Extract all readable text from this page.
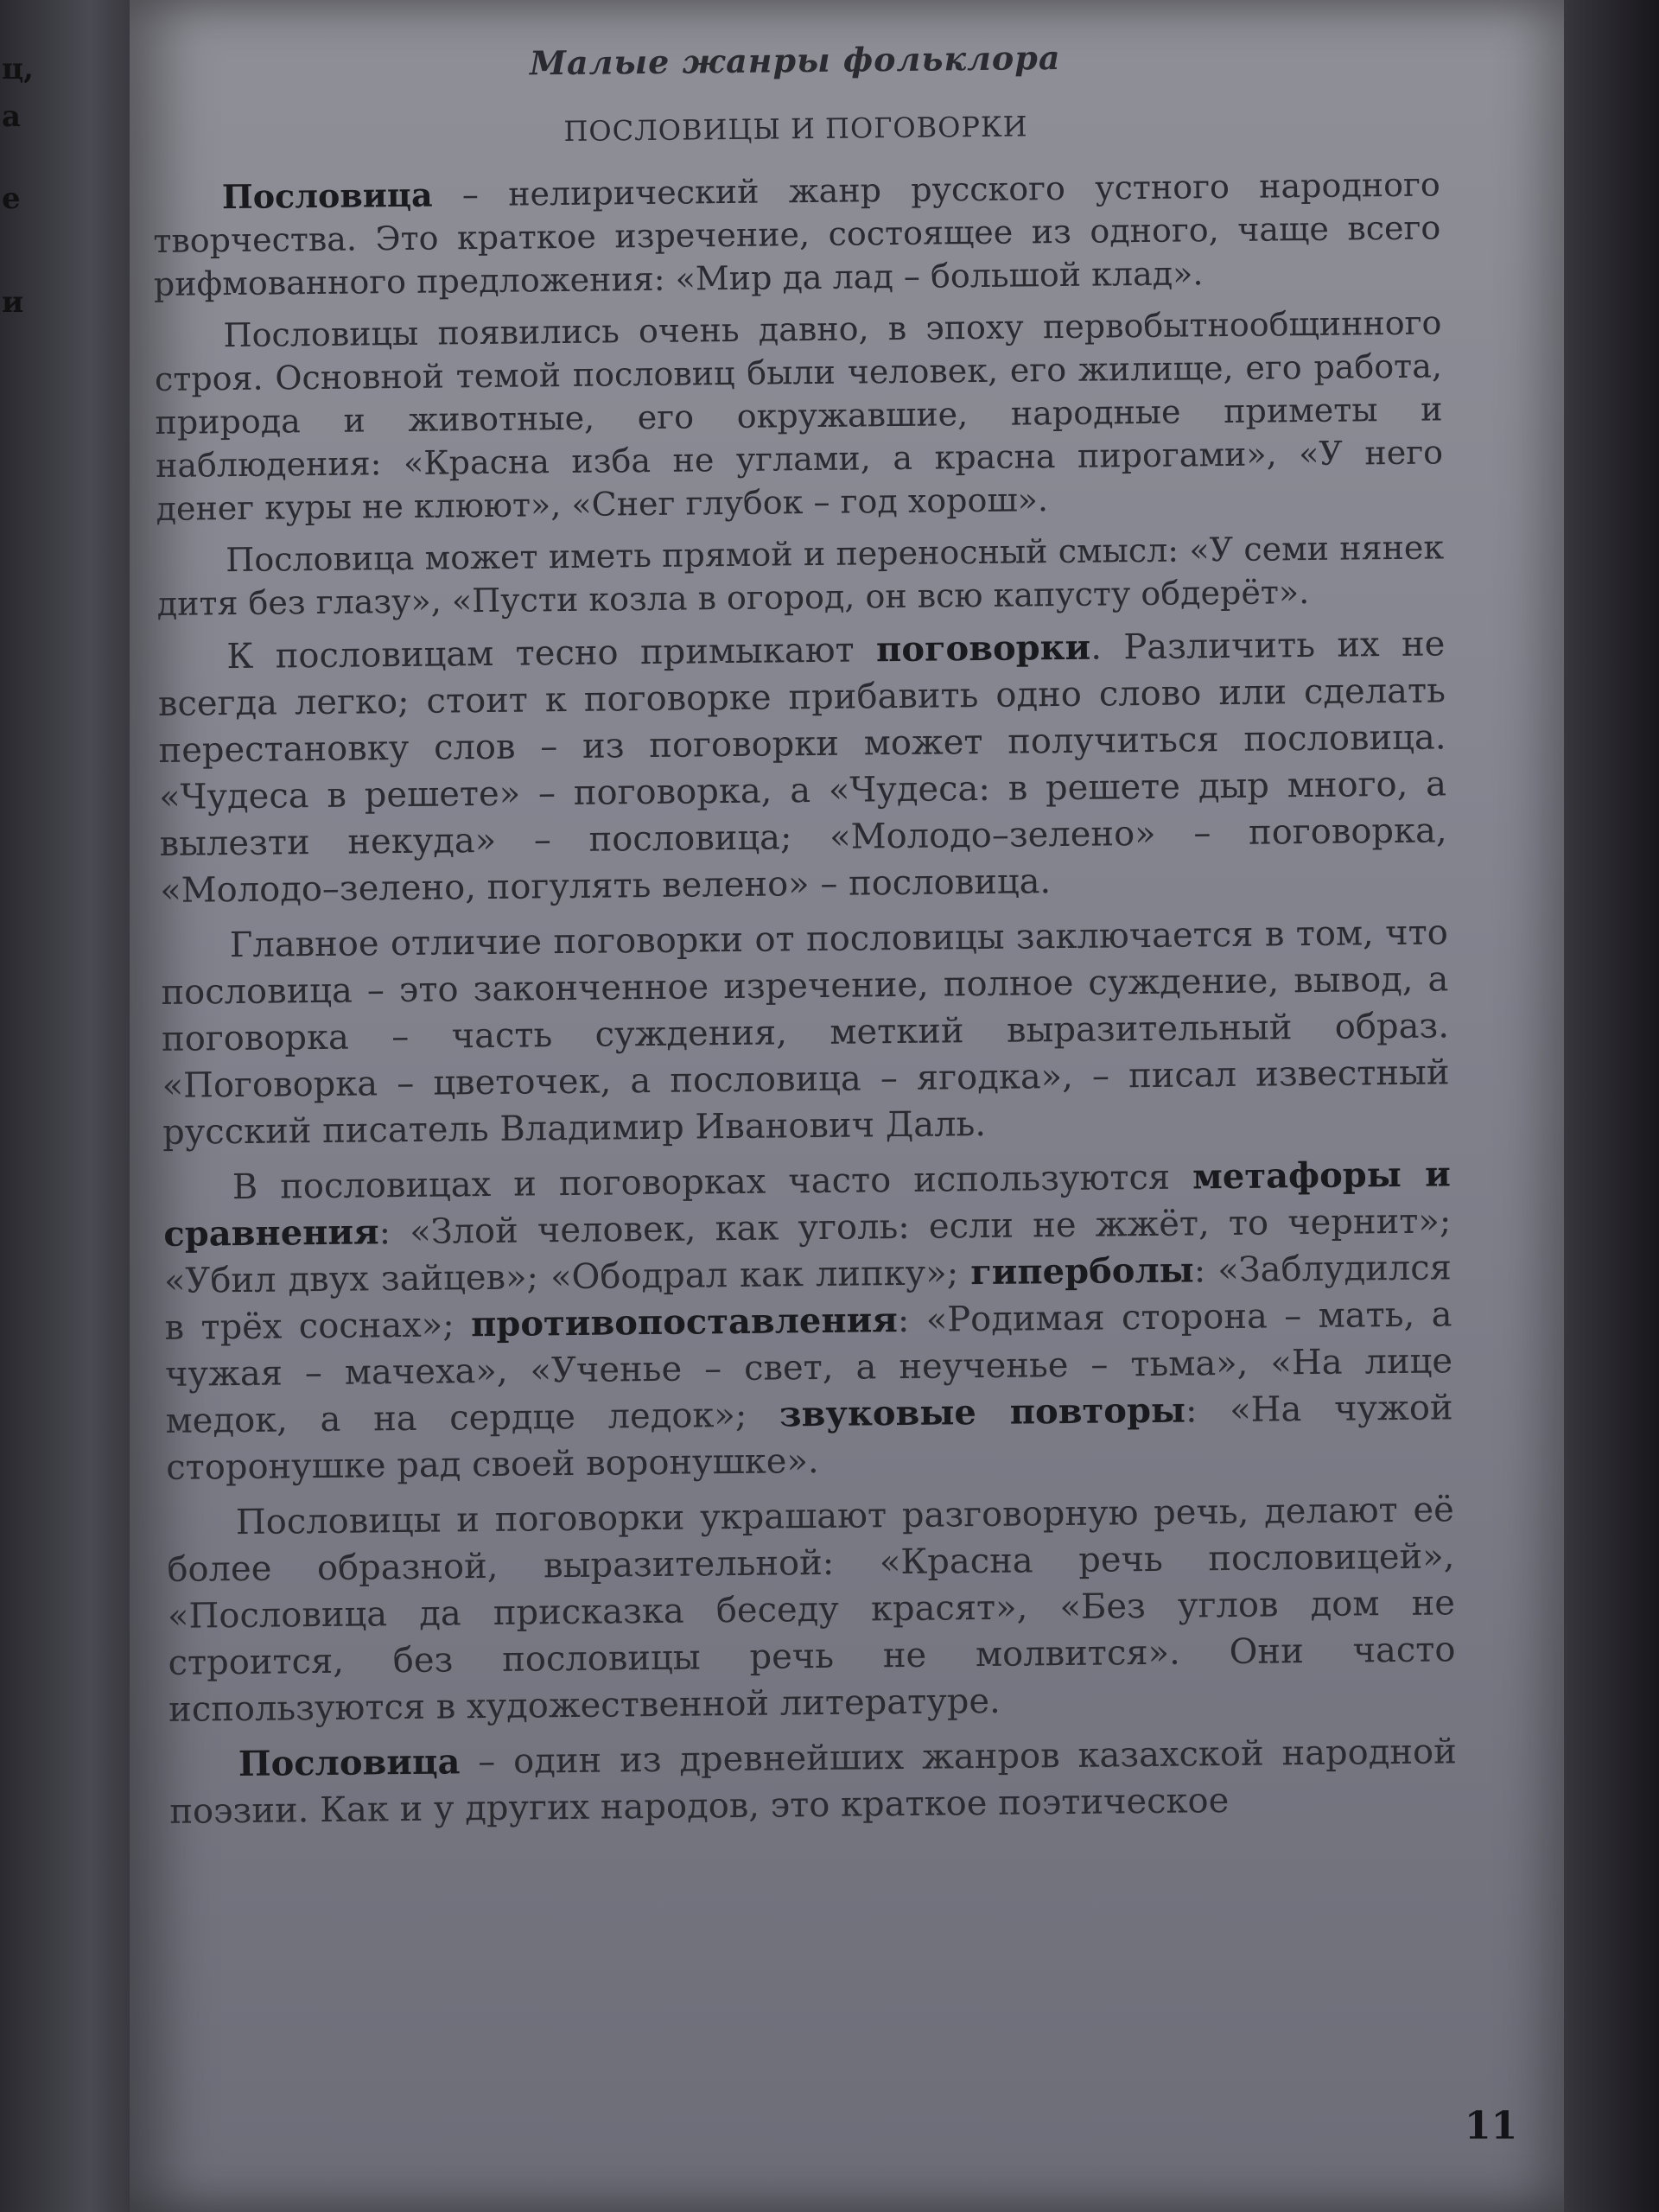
ц,
а
е
и
Малые жанры фольклора
ПОСЛОВИЦЫ И ПОГОВОРКИ

Пословица – нелирический жанр русского устного народного творчества. Это краткое изречение, состоящее из одного, чаще всего рифмованного предложения: «Мир да лад – большой клад».

Пословицы появились очень давно, в эпоху первобытнообщинного строя. Основной темой пословиц были человек, его жилище, его работа, природа и животные, его окружавшие, народные приметы и наблюдения: «Красна изба не углами, а красна пирогами», «У него денег куры не клюют», «Снег глубок – год хорош».

Пословица может иметь прямой и переносный смысл: «У семи нянек дитя без глазу», «Пусти козла в огород, он всю капусту обдерёт».

К пословицам тесно примыкают поговорки. Различить их не всегда легко; стоит к поговорке прибавить одно слово или сделать перестановку слов – из поговорки может получиться пословица. «Чудеса в решете» – поговорка, а «Чудеса: в решете дыр много, а вылезти некуда» – пословица; «Молодо–зелено» – поговорка, «Молодо–зелено, погулять велено» – пословица.

Главное отличие поговорки от пословицы заключается в том, что пословица – это законченное изречение, полное суждение, вывод, а поговорка – часть суждения, меткий выразительный образ. «Поговорка – цветочек, а пословица – ягодка», – писал известный русский писатель Владимир Иванович Даль.

В пословицах и поговорках часто используются метафоры и сравнения: «Злой человек, как уголь: если не жжёт, то чернит»; «Убил двух зайцев»; «Ободрал как липку»; гиперболы: «Заблудился в трёх соснах»; противопоставления: «Родимая сторона – мать, а чужая – мачеха», «Ученье – свет, а неученье – тьма», «На лице медок, а на сердце ледок»; звуковые повторы: «На чужой сторонушке рад своей воронушке».

Пословицы и поговорки украшают разговорную речь, делают её более образной, выразительной: «Красна речь пословицей», «Пословица да присказка беседу красят», «Без углов дом не строится, без пословицы речь не молвится». Они часто используются в художественной литературе.

Пословица – один из древнейших жанров казахской народной поэзии. Как и у других народов, это краткое поэтическое

11
